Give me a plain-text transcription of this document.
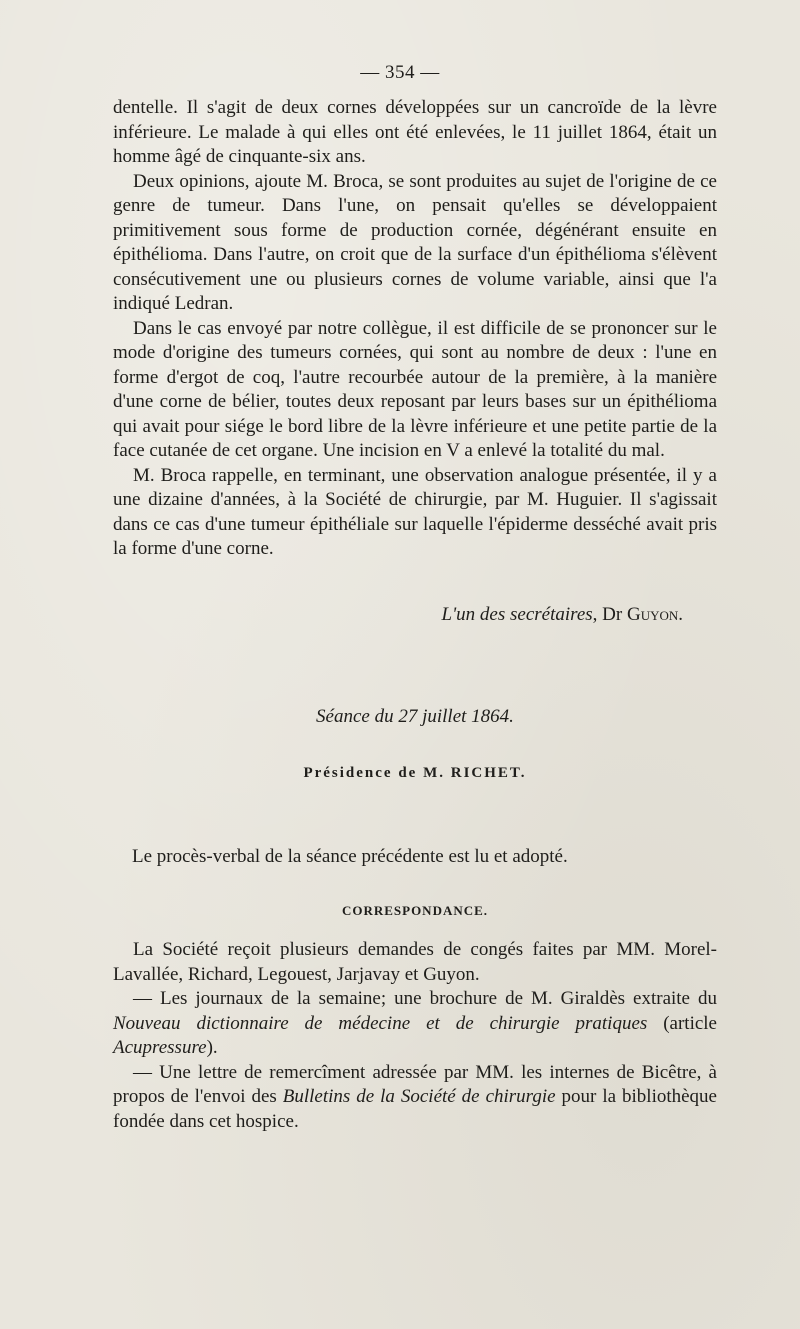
— 354 —

dentelle. Il s'agit de deux cornes développées sur un cancroïde de la lèvre inférieure. Le malade à qui elles ont été enlevées, le 11 juillet 1864, était un homme âgé de cinquante-six ans.

Deux opinions, ajoute M. Broca, se sont produites au sujet de l'origine de ce genre de tumeur. Dans l'une, on pensait qu'elles se développaient primitivement sous forme de production cornée, dégénérant ensuite en épithélioma. Dans l'autre, on croit que de la surface d'un épithélioma s'élèvent consécutivement une ou plusieurs cornes de volume variable, ainsi que l'a indiqué Ledran.

Dans le cas envoyé par notre collègue, il est difficile de se prononcer sur le mode d'origine des tumeurs cornées, qui sont au nombre de deux : l'une en forme d'ergot de coq, l'autre recourbée autour de la première, à la manière d'une corne de bélier, toutes deux reposant par leurs bases sur un épithélioma qui avait pour siége le bord libre de la lèvre inférieure et une petite partie de la face cutanée de cet organe. Une incision en V a enlevé la totalité du mal.

M. Broca rappelle, en terminant, une observation analogue présentée, il y a une dizaine d'années, à la Société de chirurgie, par M. Huguier. Il s'agissait dans ce cas d'une tumeur épithéliale sur laquelle l'épiderme desséché avait pris la forme d'une corne.

L'un des secrétaires, Dr Guyon.
Séance du 27 juillet 1864.
Présidence de M. RICHET.
Le procès-verbal de la séance précédente est lu et adopté.
CORRESPONDANCE.

La Société reçoit plusieurs demandes de congés faites par MM. Morel-Lavallée, Richard, Legouest, Jarjavay et Guyon.

— Les journaux de la semaine; une brochure de M. Giraldès extraite du Nouveau dictionnaire de médecine et de chirurgie pratiques (article Acupressure).

— Une lettre de remercîment adressée par MM. les internes de Bicêtre, à propos de l'envoi des Bulletins de la Société de chirurgie pour la bibliothèque fondée dans cet hospice.
